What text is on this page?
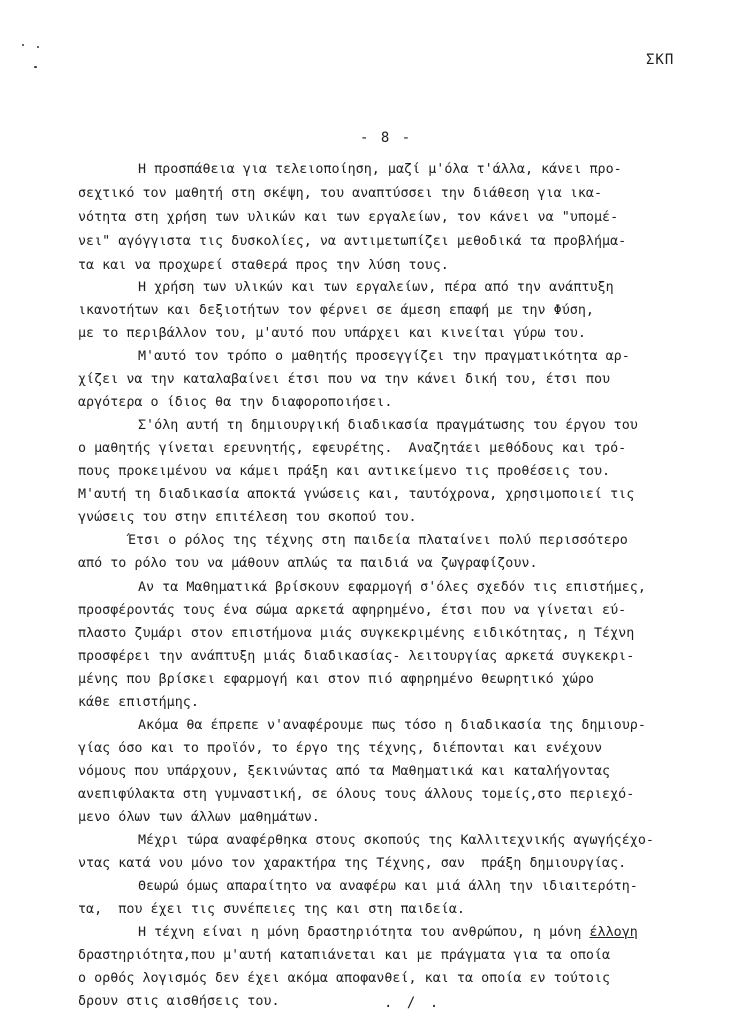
ΣΚΠ
- 8 -
Η προσπάθεια για τελειοποίηση, μαζί μ'όλα τ'άλλα, κάνει προ-
σεχτικό τον μαθητή στη σκέψη, του αναπτύσσει την διάθεση για ικα-
νότητα στη χρήση των υλικών και των εργαλείων, τον κάνει να "υπομέ-
νει" αγόγγιστα τις δυσκολίες, να αντιμετωπίζει μεθοδικά τα προβλήμα-
τα και να προχωρεί σταθερά προς την λύση τους.
Η χρήση των υλικών και των εργαλείων, πέρα από την ανάπτυξη
ικανοτήτων και δεξιοτήτων τον φέρνει σε άμεση επαφή με την Φύση,
με το περιβάλλον του, μ'αυτό που υπάρχει και κινείται γύρω του.
Μ'αυτό τον τρόπο ο μαθητής προσεγγίζει την πραγματικότητα αρ-
χίζει να την καταλαβαίνει έτσι που να την κάνει δική του, έτσι που
αργότερα ο ίδιος θα την διαφοροποιήσει.
Σ'όλη αυτή τη δημιουργική διαδικασία πραγμάτωσης του έργου του
ο μαθητής γίνεται ερευνητής, εφευρέτης.  Αναζητάει μεθόδους και τρό-
πους προκειμένου να κάμει πράξη και αντικείμενο τις προθέσεις του.
Μ'αυτή τη διαδικασία αποκτά γνώσεις και, ταυτόχρονα, χρησιμοποιεί τις
γνώσεις του στην επιτέλεση του σκοπού του.
Έτσι ο ρόλος της τέχνης στη παιδεία πλαταίνει πολύ περισσότερο
από το ρόλο του να μάθουν απλώς τα παιδιά να ζωγραφίζουν.
Αν τα Μαθηματικά βρίσκουν εφαρμογή σ'όλες σχεδόν τις επιστήμες,
προσφέροντάς τους ένα σώμα αρκετά αφηρημένο, έτσι που να γίνεται εύ-
πλαστο ζυμάρι στον επιστήμονα μιάς συγκεκριμένης ειδικότητας, η Τέχνη
προσφέρει την ανάπτυξη μιάς διαδικασίας- λειτουργίας αρκετά συγκεκρι-
μένης που βρίσκει εφαρμογή και στον πιό αφηρημένο θεωρητικό χώρο
κάθε επιστήμης.
Ακόμα θα έπρεπε ν'αναφέρουμε πως τόσο η διαδικασία της δημιουρ-
γίας όσο και το προϊόν, το έργο της τέχνης, διέπονται και ενέχουν
νόμους που υπάρχουν, ξεκινώντας από τα Μαθηματικά και καταλήγοντας
ανεπιφύλακτα στη γυμναστική, σε όλους τους άλλους τομείς,στο περιεχό-
μενο όλων των άλλων μαθημάτων.
Μέχρι τώρα αναφέρθηκα στους σκοπούς της Καλλιτεχνικής αγωγήςέχο-
ντας κατά νου μόνο τον χαρακτήρα της Τέχνης, σαν  πράξη δημιουργίας.
Θεωρώ όμως απαραίτητο να αναφέρω και μιά άλλη την ιδιαιτερότη-
τα,  που έχει τις συνέπειες της και στη παιδεία.
Η τέχνη είναι η μόνη δραστηριότητα του ανθρώπου, η μόνη έλλογη
δραστηριότητα,που μ'αυτή καταπιάνεται και με πράγματα για τα οποία
ο ορθός λογισμός δεν έχει ακόμα αποφανθεί, και τα οποία εν τούτοις
δρουν στις αισθήσεις του.	. / .
